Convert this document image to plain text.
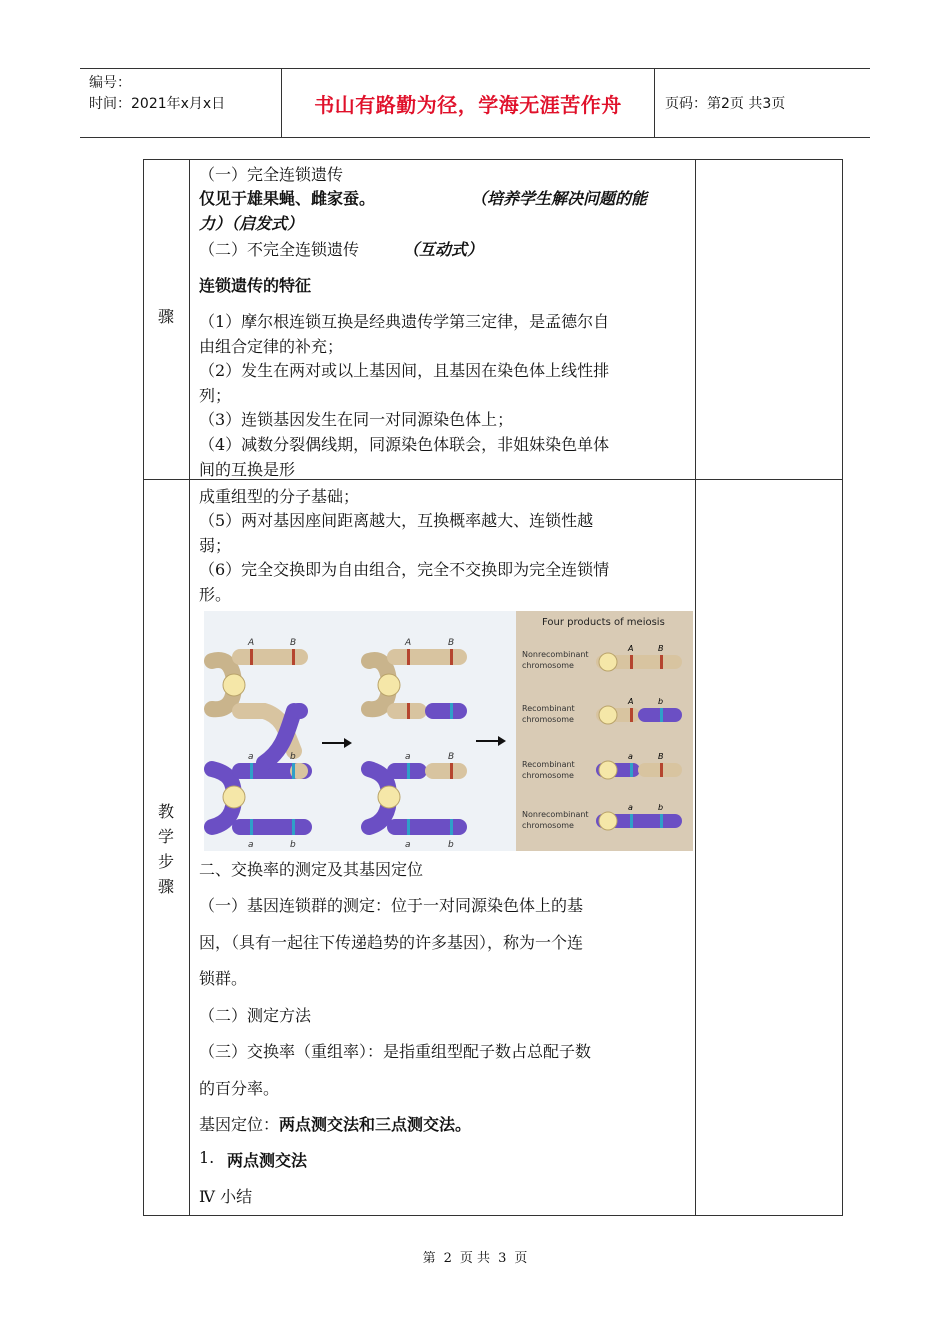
编号：
时间：2021年x月x日	书山有路勤为径，学海无涯苦作舟	页码：第2页 共3页
骤
教学步骤
（一）完全连锁遗传
仅见于雄果蝇、雌家蚕。	（培养学生解决问题的能
力）（启发式）
（二）不完全连锁遗传	（互动式）
连锁遗传的特征
（1）摩尔根连锁互换是经典遗传学第三定律，是孟德尔自
由组合定律的补充；
（2）发生在两对或以上基因间，且基因在染色体上线性排
列；
（3）连锁基因发生在同一对同源染色体上；
（4）减数分裂偶线期，同源染色体联会，非姐妹染色单体
间的互换是形
成重组型的分子基础；
（5）两对基因座间距离越大，互换概率越大、连锁性越
弱；
（6）完全交换即为自由组合，完全不交换即为完全连锁情
形。
二、交换率的测定及其基因定位
（一）基因连锁群的测定：位于一对同源染色体上的基
因，（具有一起往下传递趋势的许多基因），称为一个连
锁群。
（二）测定方法
（三）交换率（重组率）：是指重组型配子数占总配子数
的百分率。
基因定位： 两点测交法和三点测交法。
1. 两点测交法
Ⅳ 小结
A	B
a	b
a	b
A	B
a	B
a	b
Four products of meiosis
Nonrecombinant
chromosome
Recombinant
chromosome
Recombinant
chromosome
Nonrecombinant
chromosome
A	B
A	b
a	B
a	b
第 2 页 共 3 页
